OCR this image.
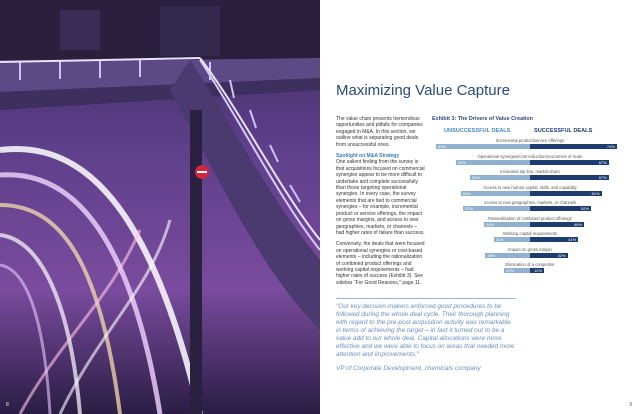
8
Maximizing Value Capture

The value chain presents tremendous opportunities and pitfalls for companies engaged in M&A. In this section, we outline what is separating good deals from unsuccessful ones.

Spotlight on M&A Strategy

One salient finding from the survey is that acquisitions focused on commercial synergies appear to be more difficult to undertake and complete successfully than those targeting operational synergies. In every case, the survey elements that are tied to commercial synergies – for example, incremental product or service offerings, the impact on gross margins, and access to new geographies, markets, or channels – had higher rates of failure than success.

Conversely, the deals that were focused on operational synergies or cost-based elements – including the rationalization of combined product offerings and working capital requirements – had higher rates of success (Exhibit 3). See sidebar "For Good Reasons," page 11.

Exhibit 3: The Drivers of Value Creation

UNSUCCESSFUL DEALS	SUCCESSFUL DEALS
Incremental product/service offerings
80%	74%
Operational synergies/cost reduction/economies of scale
63%	67%
Increased top line, market share
51%	67%
Access to new human capital, skills, and capability
59%	61%
Access to new geographies, markets, or channels
57%	52%
Rationalization of combined product offerings
39%	46%
Working capital requirements
31%	41%
Impact on gross margin
38%	32%
Elimination of a competitor
22%	12%

"Our key decision-makers enforced good procedures to be followed during the whole deal cycle. Their thorough planning with regard to the pre-post acquisition activity was remarkable in terms of achieving the target – in fact it turned out to be a value add to our whole deal. Capital allocations were more effective and we were able to focus on areas that needed more attention and improvements."

VP of Corporate Development, chemicals company
9
